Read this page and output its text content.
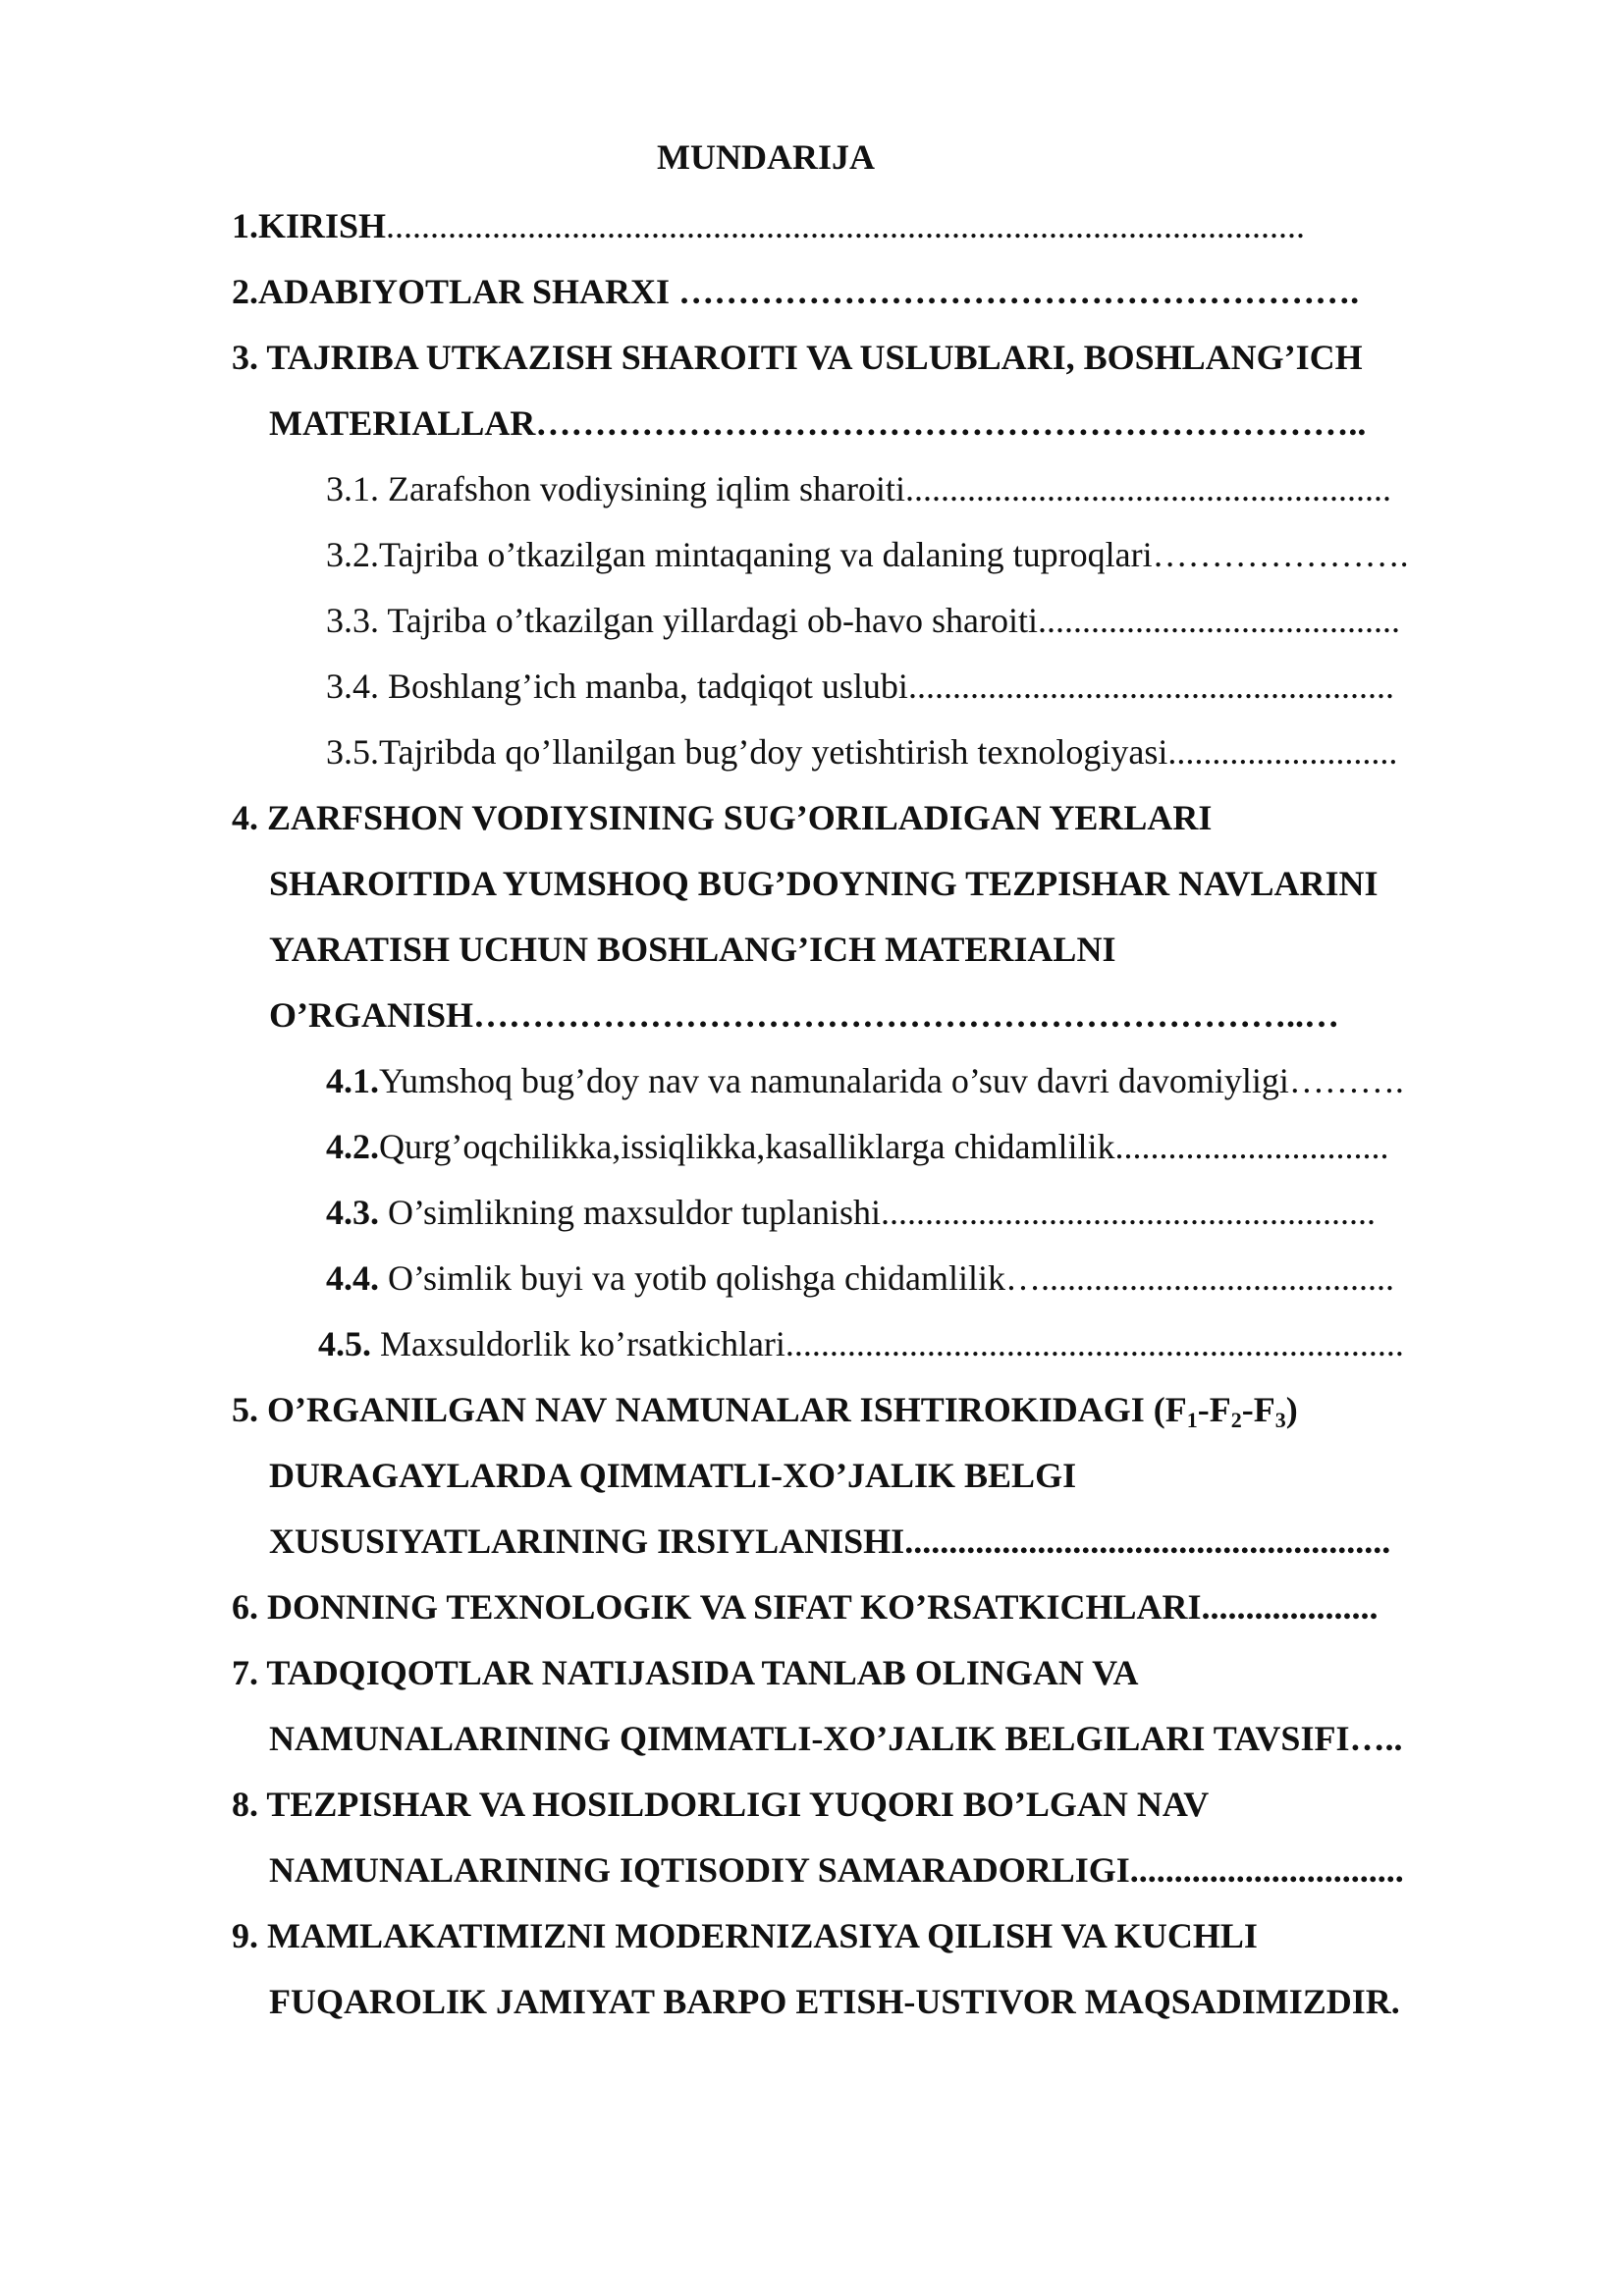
MUNDARIJA
1.KIRISH........................................................................................................
2.ADABIYOTLAR SHARXI ………………………………………………….
3. TAJRIBA UTKAZISH SHAROITI VA USLUBLARI, BOSHLANG’ICH
MATERIALLAR……………………………………………………………..
3.1. Zarafshon vodiysining iqlim sharoiti.......................................................
3.2.Tajriba o’tkazilgan mintaqaning va dalaning tuproqlari………………….
3.3. Tajriba o’tkazilgan yillardagi ob-havo sharoiti.........................................
3.4. Boshlang’ich manba, tadqiqot uslubi.......................................................
3.5.Tajribda qo’llanilgan bug’doy yetishtirish texnologiyasi..........................
4. ZARFSHON VODIYSINING SUG’ORILADIGAN YERLARI
SHAROITIDA YUMSHOQ BUG’DOYNING TEZPISHAR NAVLARINI
YARATISH UCHUN BOSHLANG’ICH MATERIALNI
O’RGANISH……………………………………………………………..…
4.1.Yumshoq bug’doy nav va namunalarida o’suv davri davomiyligi……….
4.2.Qurg’oqchilikka,issiqlikka,kasalliklarga chidamlilik...............................
4.3. O’simlikning maxsuldor tuplanishi........................................................
4.4. O’simlik buyi va yotib qolishga chidamlilik…........................................
4.5. Maxsuldorlik ko’rsatkichlari......................................................................
5. O’RGANILGAN NAV NAMUNALAR ISHTIROKIDAGI $(F_1-F_2-F_3)$
DURAGAYLARDA QIMMATLI-XO’JALIK BELGI
XUSUSIYATLARINING IRSIYLANISHI.......................................................
6. DONNING TEXNOLOGIK VA SIFAT KO’RSATKICHLARI....................
7. TADQIQOTLAR NATIJASIDA TANLAB OLINGAN VA
NAMUNALARINING QIMMATLI-XO’JALIK BELGILARI TAVSIFI…..
8. TEZPISHAR VA HOSILDORLIGI YUQORI BO’LGAN NAV
NAMUNALARINING IQTISODIY SAMARADORLIGI...............................
9. MAMLAKATIMIZNI MODERNIZASIYA QILISH VA KUCHLI
FUQAROLIK JAMIYAT BARPO ETISH-USTIVOR MAQSADIMIZDIR.
